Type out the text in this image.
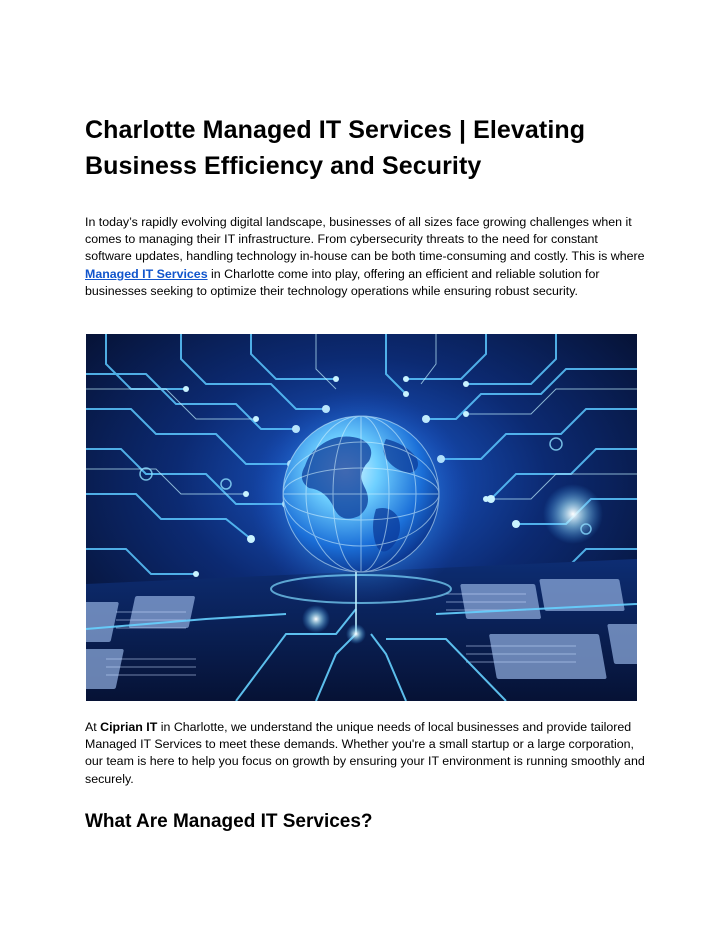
Charlotte Managed IT Services | Elevating Business Efficiency and Security

In today’s rapidly evolving digital landscape, businesses of all sizes face growing challenges when it comes to managing their IT infrastructure. From cybersecurity threats to the need for constant software updates, handling technology in-house can be both time-consuming and costly. This is where Managed IT Services in Charlotte come into play, offering an efficient and reliable solution for businesses seeking to optimize their technology operations while ensuring robust security.

At Ciprian IT in Charlotte, we understand the unique needs of local businesses and provide tailored Managed IT Services to meet these demands. Whether you're a small startup or a large corporation, our team is here to help you focus on growth by ensuring your IT environment is running smoothly and securely.

What Are Managed IT Services?
